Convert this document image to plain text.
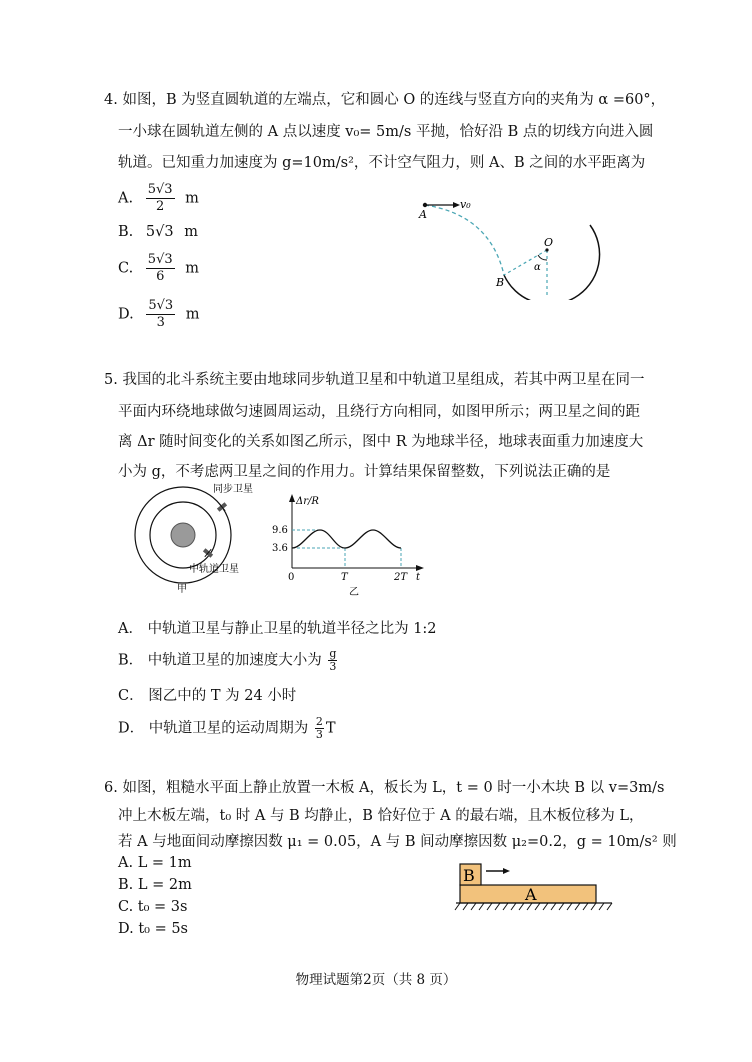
4. 如图，B 为竖直圆轨道的左端点，它和圆心 O 的连线与竖直方向的夹角为 α =60°，
一小球在圆轨道左侧的 A 点以速度 v₀= 5m/s 平抛，恰好沿 B 点的切线方向进入圆
轨道。已知重力加速度为 g=10m/s²，不计空气阻力，则 A、B 之间的水平距离为
A. $\frac{5√3}{2}$ m
B. 5√3 m
C. $\frac{5√3}{6}$ m
D. $\frac{5√3}{3}$ m
A
v₀
B
O
α
5. 我国的北斗系统主要由地球同步轨道卫星和中轨道卫星组成，若其中两卫星在同一
平面内环绕地球做匀速圆周运动，且绕行方向相同，如图甲所示；两卫星之间的距
离 Δr 随时间变化的关系如图乙所示，图中 R 为地球半径，地球表面重力加速度大
小为 g，不考虑两卫星之间的作用力。计算结果保留整数，下列说法正确的是
同步卫星
中轨道卫星
甲
Δr/R
9.6
3.6
0	T	2T t
乙
A． 中轨道卫星与静止卫星的轨道半径之比为 1:2
B． 中轨道卫星的加速度大小为 $\frac{g}{3}$
C． 图乙中的 T 为 24 小时
D． 中轨道卫星的运动周期为 $\frac{2}{3}$ T
6. 如图，粗糙水平面上静止放置一木板 A，板长为 L，t = 0 时一小木块 B 以 v=3m/s
冲上木板左端，t₀ 时 A 与 B 均静止，B 恰好位于 A 的最右端，且木板位移为 L，
若 A 与地面间动摩擦因数 μ₁ = 0.05，A 与 B 间动摩擦因数 μ₂=0.2，g = 10m/s² 则
A. L = 1m
B. L = 2m
C. t₀ = 3s
D. t₀ = 5s
B
A
物理试题第2页（共 8 页）
